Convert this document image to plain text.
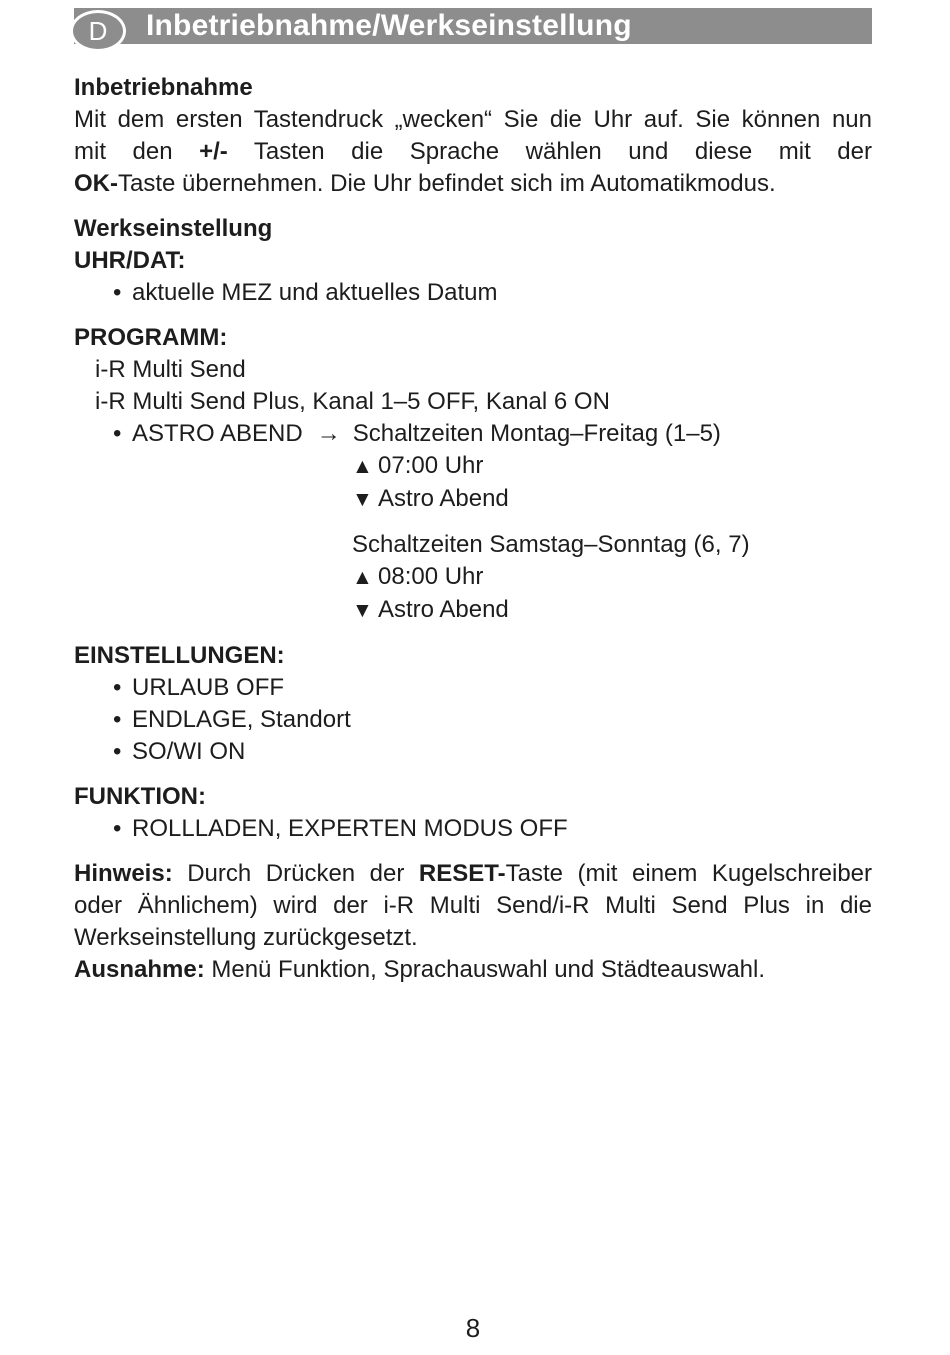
Inbetriebnahme/Werkseinstellung
D
Inbetriebnahme

Mit dem ersten Tastendruck „wecken“ Sie die Uhr auf. Sie können nun

mit den +/- Tasten die Sprache wählen und diese mit der

OK-Taste übernehmen. Die Uhr befindet sich im Automatikmodus.

Werkseinstellung
UHR/DAT:
• aktuelle MEZ und aktuelles Datum
PROGRAMM:
i-R Multi Send
i-R Multi Send Plus, Kanal 1–5 OFF, Kanal 6 ON
• ASTRO ABEND → Schaltzeiten Montag–Freitag (1–5)
▲ 07:00 Uhr
▼ Astro Abend
Schaltzeiten Samstag–Sonntag (6, 7)
▲ 08:00 Uhr
▼ Astro Abend
EINSTELLUNGEN:
• URLAUB OFF
• ENDLAGE, Standort
• SO/WI ON
FUNKTION:
• ROLLLADEN, EXPERTEN MODUS OFF

Hinweis: Durch Drücken der RESET-Taste (mit einem Kugelschreiber

oder Ähnlichem) wird der i-R Multi Send/i-R Multi Send Plus in die

Werkseinstellung zurückgesetzt.

Ausnahme: Menü Funktion, Sprachauswahl und Städteauswahl.

8
